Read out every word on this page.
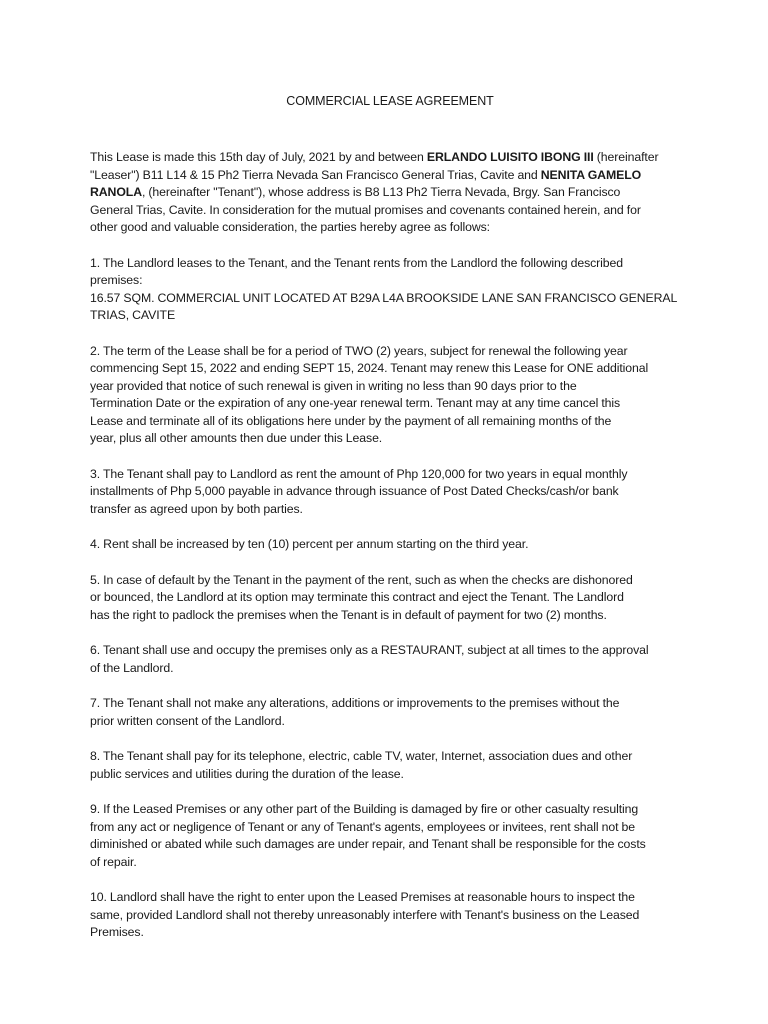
COMMERCIAL LEASE AGREEMENT
This Lease is made this 15th day of July, 2021 by and between ERLANDO LUISITO IBONG III (hereinafter
"Leaser") B11 L14 & 15 Ph2 Tierra Nevada San Francisco General Trias, Cavite and NENITA GAMELO
RANOLA, (hereinafter "Tenant"), whose address is B8 L13 Ph2 Tierra Nevada, Brgy. San Francisco
General Trias, Cavite. In consideration for the mutual promises and covenants contained herein, and for
other good and valuable consideration, the parties hereby agree as follows:
1. The Landlord leases to the Tenant, and the Tenant rents from the Landlord the following described
premises:
16.57 SQM. COMMERCIAL UNIT LOCATED AT B29A L4A BROOKSIDE LANE SAN FRANCISCO GENERAL
TRIAS, CAVITE
2. The term of the Lease shall be for a period of TWO (2) years, subject for renewal the following year
commencing Sept 15, 2022 and ending SEPT 15, 2024. Tenant may renew this Lease for ONE additional
year provided that notice of such renewal is given in writing no less than 90 days prior to the
Termination Date or the expiration of any one-year renewal term. Tenant may at any time cancel this
Lease and terminate all of its obligations here under by the payment of all remaining months of the
year, plus all other amounts then due under this Lease.
3. The Tenant shall pay to Landlord as rent the amount of Php 120,000 for two years in equal monthly
installments of Php 5,000 payable in advance through issuance of Post Dated Checks/cash/or bank
transfer as agreed upon by both parties.
4. Rent shall be increased by ten (10) percent per annum starting on the third year.
5. In case of default by the Tenant in the payment of the rent, such as when the checks are dishonored
or bounced, the Landlord at its option may terminate this contract and eject the Tenant. The Landlord
has the right to padlock the premises when the Tenant is in default of payment for two (2) months.
6. Tenant shall use and occupy the premises only as a RESTAURANT, subject at all times to the approval
of the Landlord.
7. The Tenant shall not make any alterations, additions or improvements to the premises without the
prior written consent of the Landlord.
8. The Tenant shall pay for its telephone, electric, cable TV, water, Internet, association dues and other
public services and utilities during the duration of the lease.
9. If the Leased Premises or any other part of the Building is damaged by fire or other casualty resulting
from any act or negligence of Tenant or any of Tenant's agents, employees or invitees, rent shall not be
diminished or abated while such damages are under repair, and Tenant shall be responsible for the costs
of repair.
10. Landlord shall have the right to enter upon the Leased Premises at reasonable hours to inspect the
same, provided Landlord shall not thereby unreasonably interfere with Tenant's business on the Leased
Premises.
